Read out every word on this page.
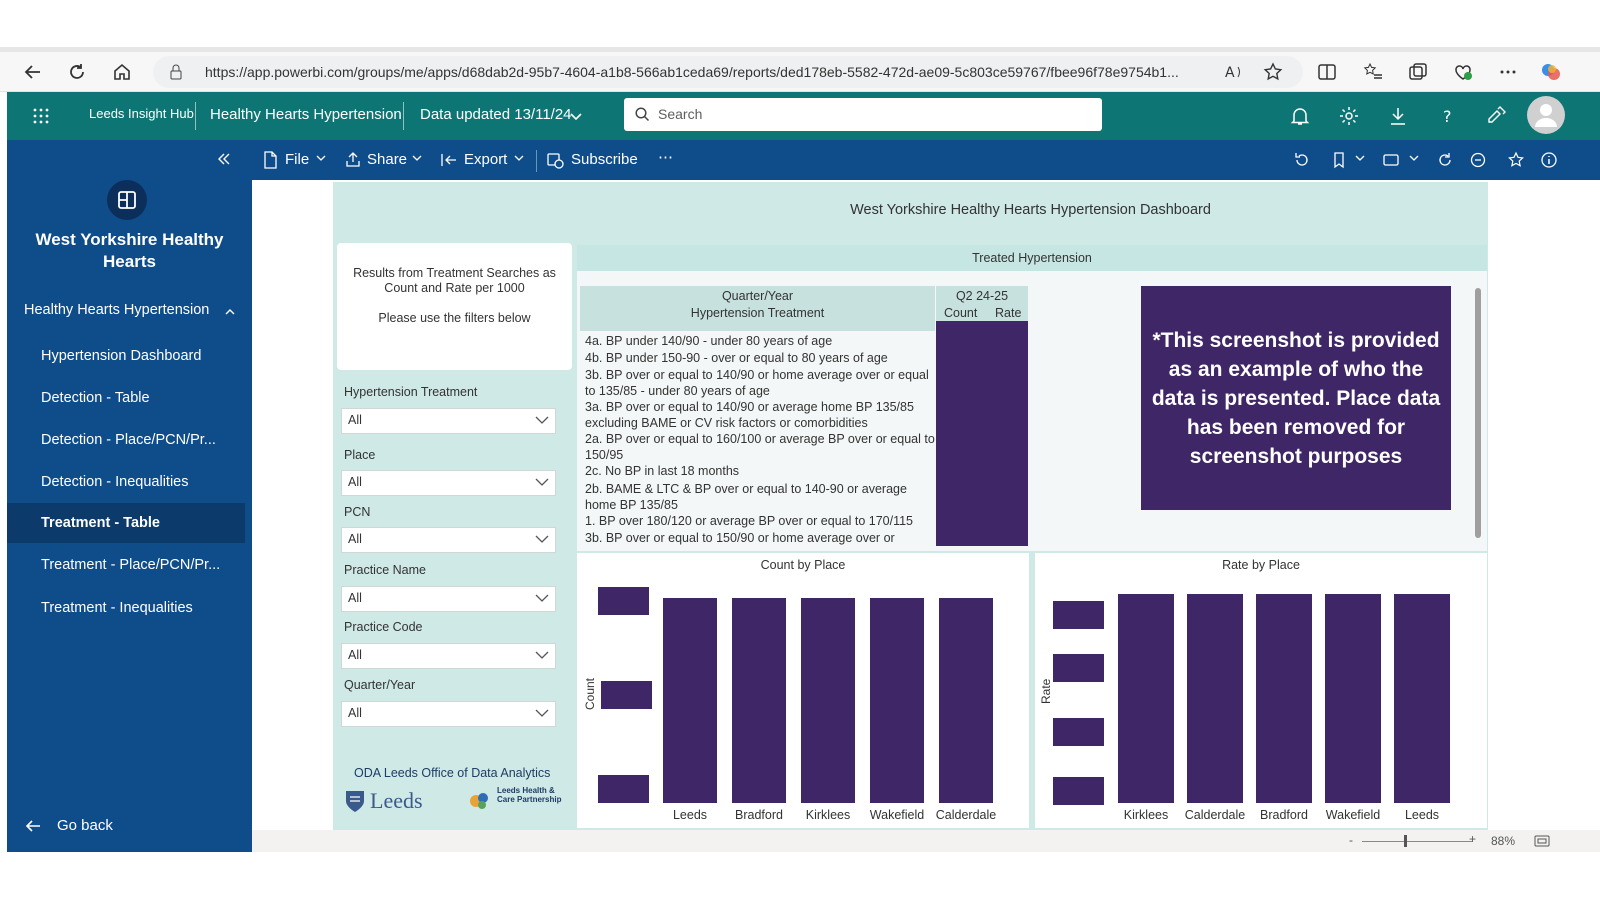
https://app.powerbi.com/groups/me/apps/d68dab2d-95b7-4604-a1b8-566ab1ceda69/reports/ded178eb-5582-472d-ae09-5c803ce59767/fbee96f78e9754b1...	A
Leeds Insight Hub Healthy Hearts Hypertension Data updated 13/11/24	Search	?
West Yorkshire Healthy Hearts
Healthy Hearts Hypertension
Hypertension Dashboard
Detection - Table
Detection - Place/PCN/Pr...
Detection - Inequalities
Treatment - Table
Treatment - Place/PCN/Pr...
Treatment - Inequalities
Go back
File	Share	Export	Subscribe ⋯
West Yorkshire Healthy Hearts Hypertension Dashboard
Results from Treatment Searches as Count and Rate per 1000
Please use the filters below
Hypertension Treatment
All
Place
All
PCN
All
Practice Name
All
Practice Code
All
Quarter/Year
All
ODA Leeds Office of Data Analytics
Leeds	Leeds Health & Care Partnership
Treated Hypertension
Quarter/Year
Hypertension Treatment
Q2 24-25
Count Rate
4a. BP under 140/90 - under 80 years of age
4b. BP under 150-90 - over or equal to 80 years of age
3b. BP over or equal to 140/90 or home average over or equal to 135/85 - under 80 years of age
3a. BP over or equal to 140/90 or average home BP 135/85 excluding BAME or CV risk factors or comorbidities
2a. BP over or equal to 160/100 or average BP over or equal to 150/95
2c. No BP in last 18 months
2b. BAME & LTC & BP over or equal to 140-90 or average home BP 135/85
1. BP over 180/120 or average BP over or equal to 170/115
3b. BP over or equal to 150/90 or home average over or
*This screenshot is provided as an example of who the data is presented. Place data has been removed for screenshot purposes
Count by Place
Count
Leeds	Bradford	Kirklees	Wakefield Calderdale
Rate by Place
Rate
Kirklees	Calderdale	Bradford	Wakefield	Leeds
-	+ 88%
